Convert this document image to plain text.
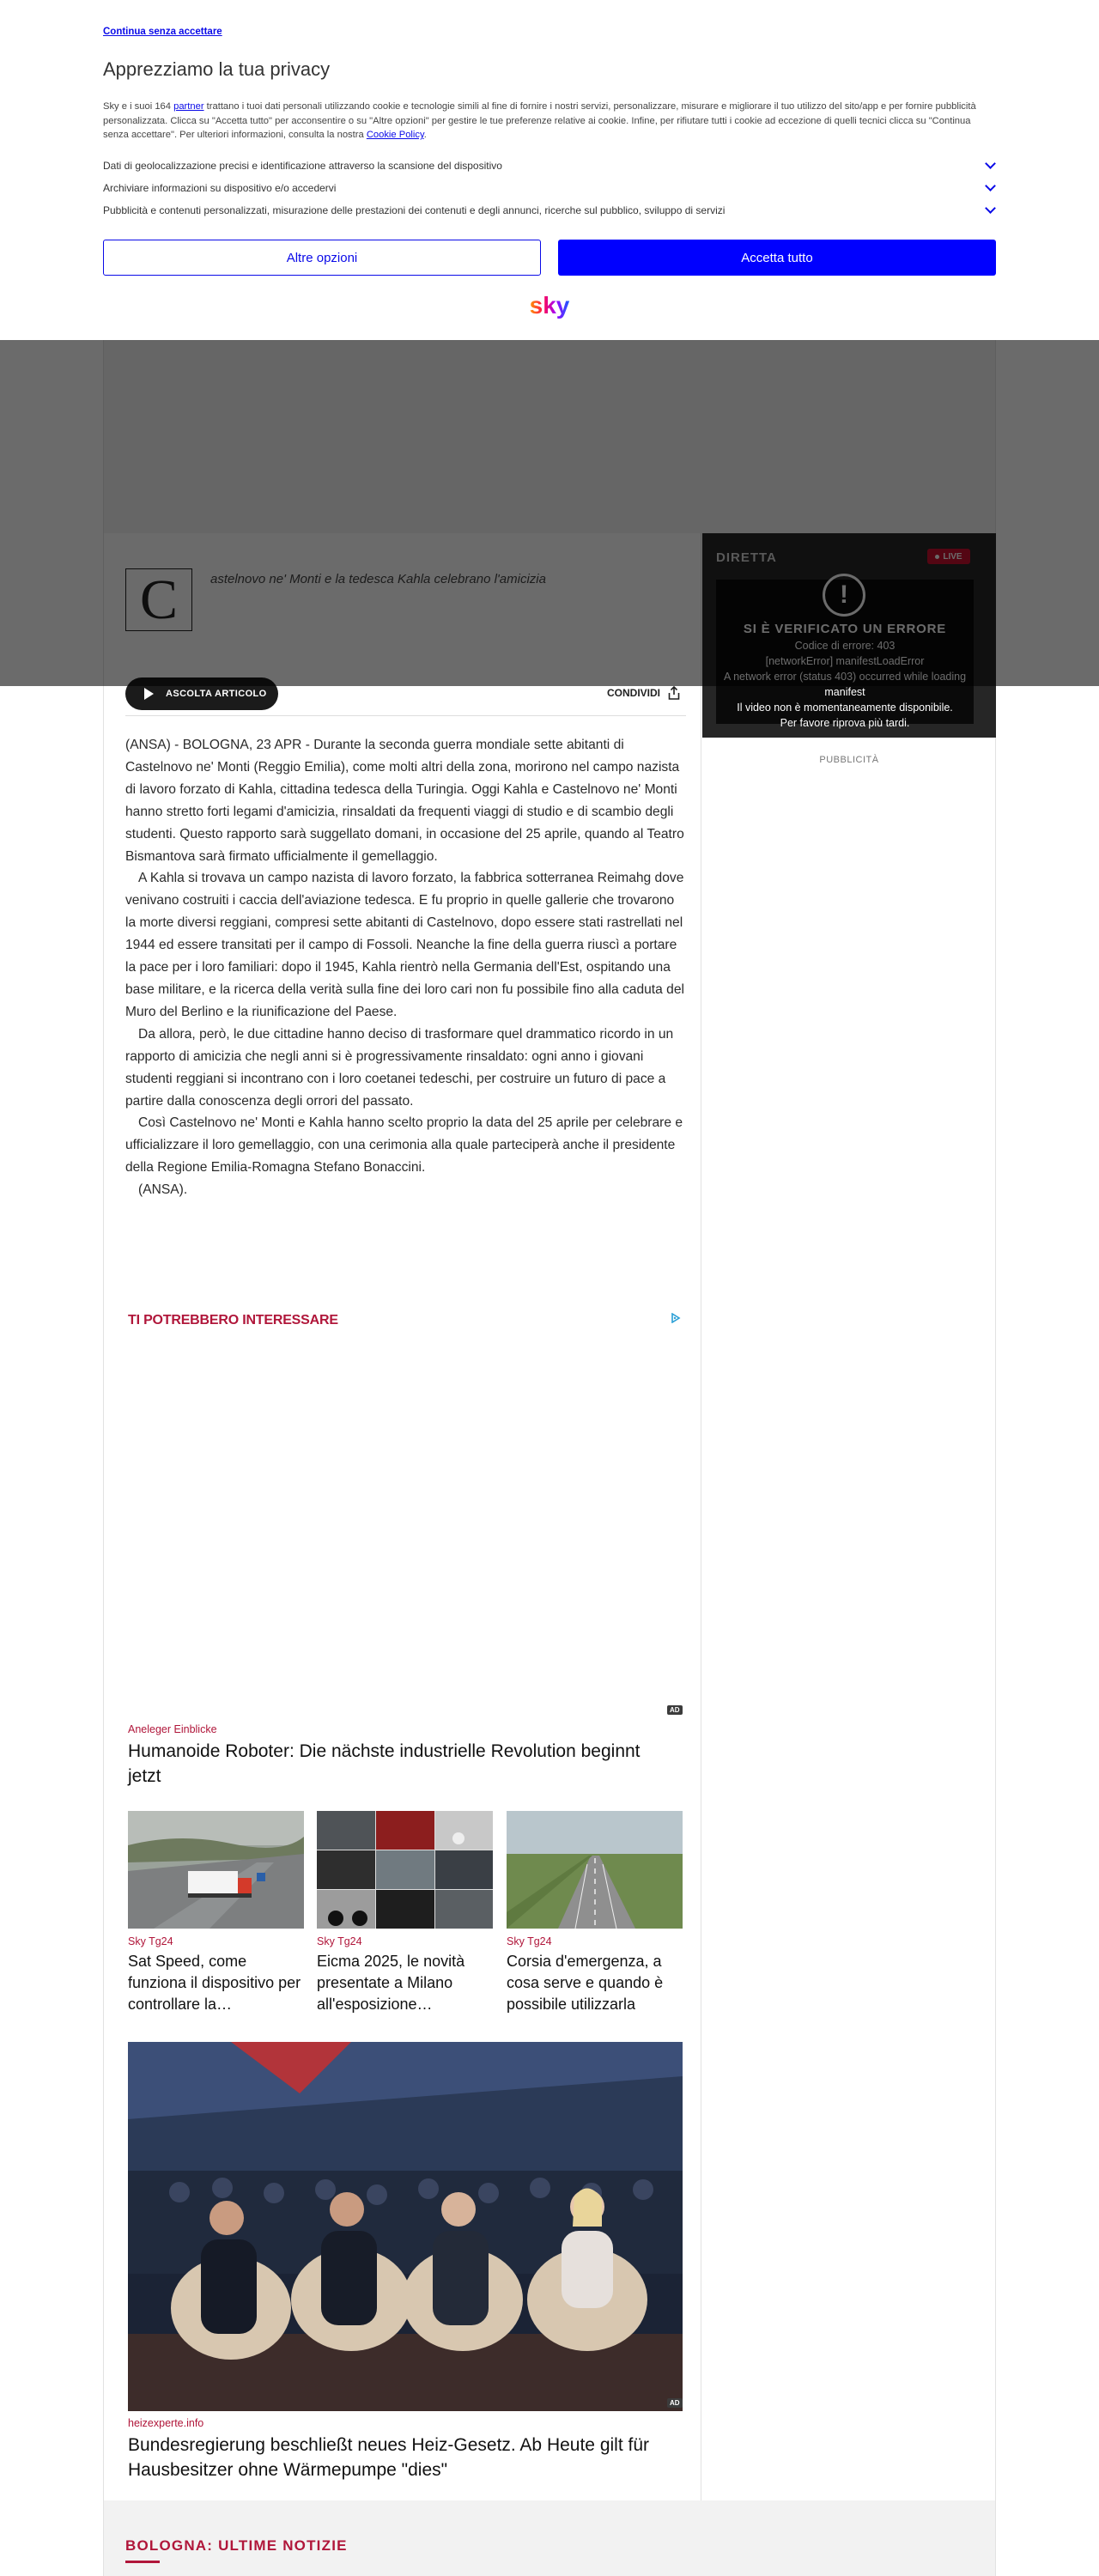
ASCOLTA ARTICOLO	CONDIVIDI

(ANSA) - BOLOGNA, 23 APR - Durante la seconda guerra mondiale sette abitanti di Castelnovo ne' Monti (Reggio Emilia), come molti altri della zona, morirono nel campo nazista di lavoro forzato di Kahla, cittadina tedesca della Turingia. Oggi Kahla e Castelnovo ne' Monti hanno stretto forti legami d'amicizia, rinsaldati da frequenti viaggi di studio e di scambio degli studenti. Questo rapporto sarà suggellato domani, in occasione del 25 aprile, quando al Teatro Bismantova sarà firmato ufficialmente il gemellaggio.

A Kahla si trovava un campo nazista di lavoro forzato, la fabbrica sotterranea Reimahg dove venivano costruiti i caccia dell'aviazione tedesca. E fu proprio in quelle gallerie che trovarono la morte diversi reggiani, compresi sette abitanti di Castelnovo, dopo essere stati rastrellati nel 1944 ed essere transitati per il campo di Fossoli. Neanche la fine della guerra riuscì a portare la pace per i loro familiari: dopo il 1945, Kahla rientrò nella Germania dell'Est, ospitando una base militare, e la ricerca della verità sulla fine dei loro cari non fu possibile fino alla caduta del Muro del Berlino e la riunificazione del Paese.

Da allora, però, le due cittadine hanno deciso di trasformare quel drammatico ricordo in un rapporto di amicizia che negli anni si è progressivamente rinsaldato: ogni anno i giovani studenti reggiani si incontrano con i loro coetanei tedeschi, per costruire un futuro di pace a partire dalla conoscenza degli orrori del passato.

Così Castelnovo ne' Monti e Kahla hanno scelto proprio la data del 25 aprile per celebrare e ufficializzare il loro gemellaggio, con una cerimonia alla quale parteciperà anche il presidente della Regione Emilia-Romagna Stefano Bonaccini.

(ANSA).

TI POTREBBERO INTERESSARE
AD
Aneleger Einblicke
Humanoide Roboter: Die nächste industrielle Revolution beginnt jetzt
Sky Tg24
Sat Speed, come funziona il dispositivo per controllare la…
Sky Tg24
Eicma 2025, le novità presentate a Milano all'esposizione…
Sky Tg24
Corsia d'emergenza, a cosa serve e quando è possibile utilizzarla
AD
heizexperte.info
Bundesregierung beschließt neues Heiz-Gesetz. Ab Heute gilt für Hausbesitzer ohne Wärmepumpe "dies"
BOLOGNA: ULTIME NOTIZIE
manifest
Il video non è momentaneamente disponibile.
Per favore riprova più tardi.
PUBBLICITÀ
Continua senza accettare
Apprezziamo la tua privacy
Sky e i suoi 164 partner trattano i tuoi dati personali utilizzando cookie e tecnologie simili al fine di fornire i nostri servizi, personalizzare, misurare e migliorare il tuo utilizzo del sito/app e per fornire pubblicità personalizzata. Clicca su "Accetta tutto" per acconsentire o su "Altre opzioni" per gestire le tue preferenze relative ai cookie. Infine, per rifiutare tutti i cookie ad eccezione di quelli tecnici clicca su "Continua senza accettare". Per ulteriori informazioni, consulta la nostra Cookie Policy.
Dati di geolocalizzazione precisi e identificazione attraverso la scansione del dispositivo
Archiviare informazioni su dispositivo e/o accedervi
Pubblicità e contenuti personalizzati, misurazione delle prestazioni dei contenuti e degli annunci, ricerche sul pubblico, sviluppo di servizi
Altre opzioni	Accetta tutto
sky
